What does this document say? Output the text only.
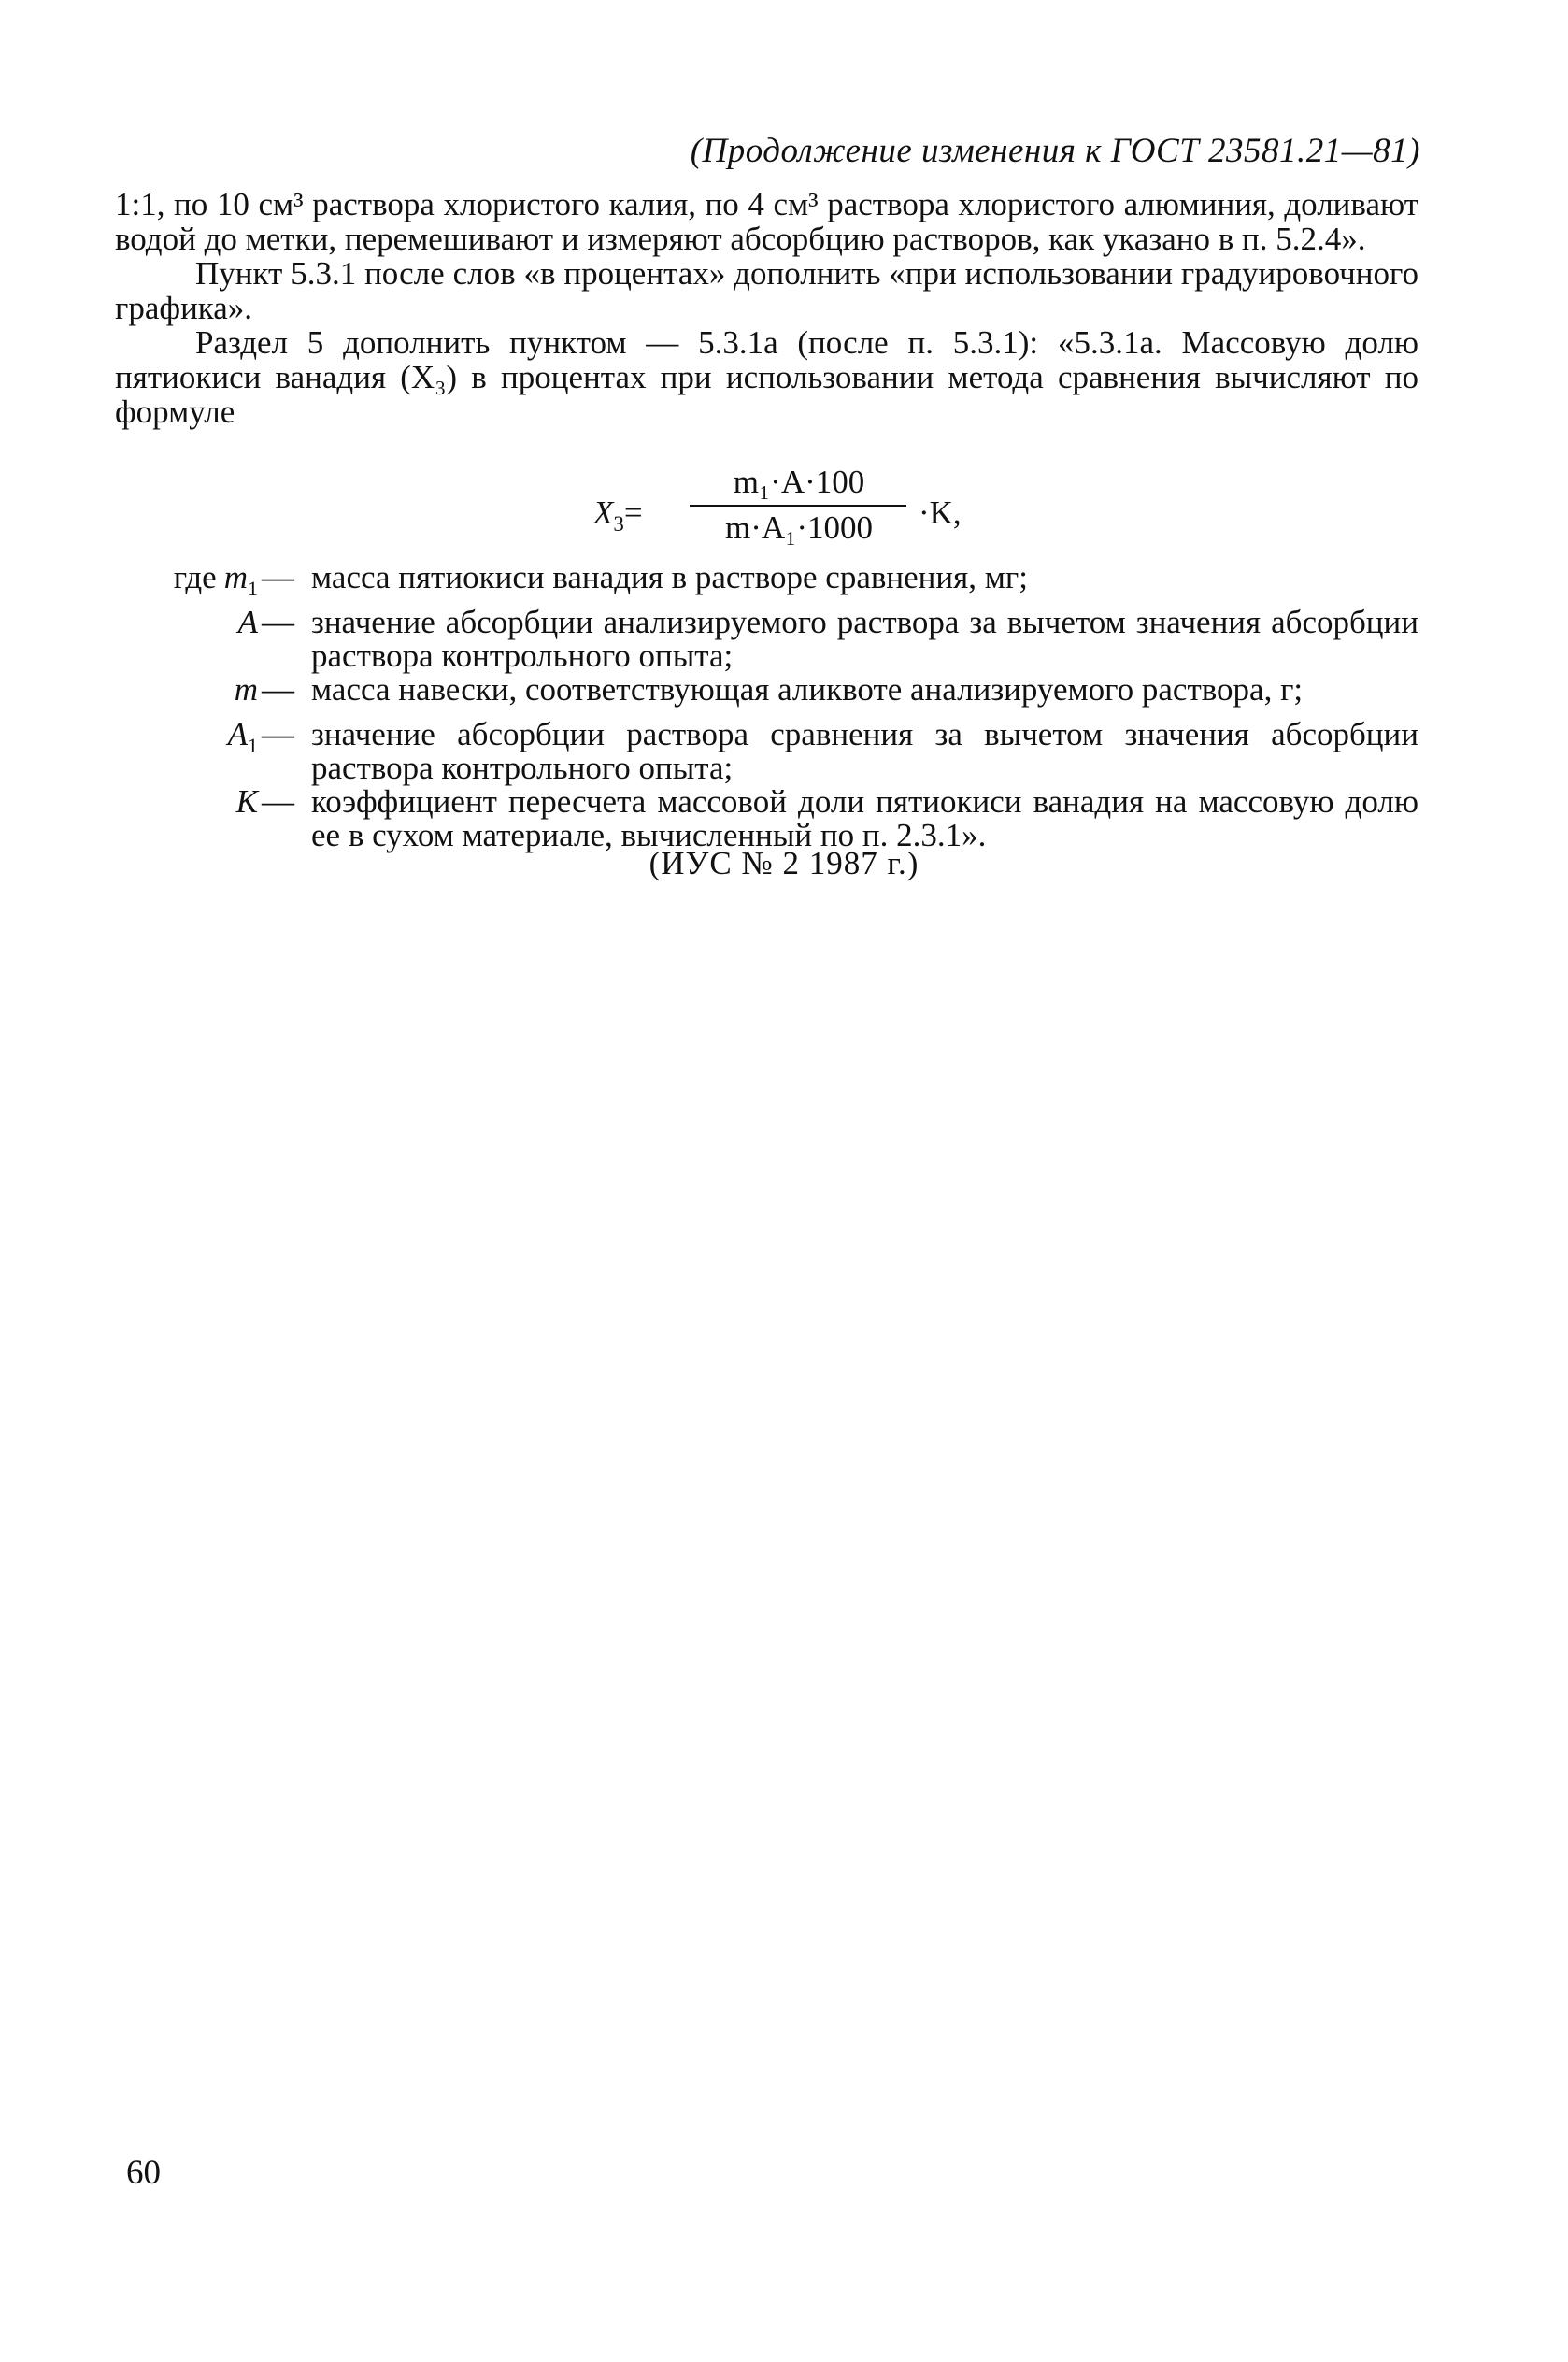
(Продолжение изменения к ГОСТ 23581.21—81)

1:1, по 10 см³ раствора хлористого калия, по 4 см³ раствора хлористого алюминия, доливают водой до метки, перемешивают и измеряют абсорбцию растворов, как указано в п. 5.2.4».

Пункт 5.3.1 после слов «в процентах» дополнить «при использовании градуировочного графика».

Раздел 5 дополнить пунктом — 5.3.1а (после п. 5.3.1): «5.3.1а. Массовую долю пятиокиси ванадия (X₃) в процентах при использовании метода сравнения вычисляют по формуле

$X_3=$
m₁·A·100
m·A₁·1000	·K,
где $m_1$ — масса пятиокиси ванадия в растворе сравнения, мг;
A — значение абсорбции анализируемого раствора за вычетом значения абсорбции раствора контрольного опыта;
m — масса навески, соответствующая аликвоте анализируемого раствора, г;
$A_1$ — значение абсорбции раствора сравнения за вычетом значения абсорбции раствора контрольного опыта;
K — коэффициент пересчета массовой доли пятиокиси ванадия на массовую долю ее в сухом материале, вычисленный по п. 2.3.1».
(ИУС № 2 1987 г.)
60
